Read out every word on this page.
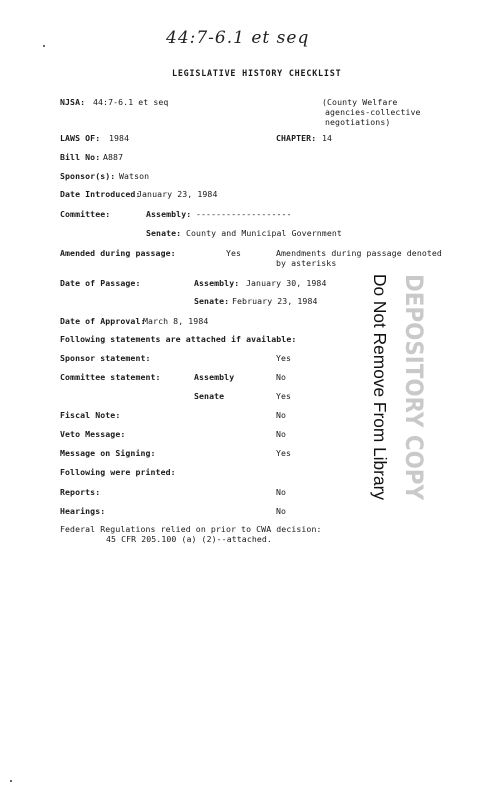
44:7-6.1 et seq
LEGISLATIVE HISTORY CHECKLIST
NJSA: 44:7-6.1 et seq	(County Welfare
agencies-collective
negotiations)
LAWS OF: 1984	CHAPTER: 14
Bill No: A887
Sponsor(s): Watson
Date Introduced:
January 23, 1984
Committee:	Assembly: -------------------
Senate: County and Municipal Government
Amended during passage:	Yes	Amendments during passage denoted
by asterisks
Date of Passage:	Assembly: January 30, 1984
Senate: February 23, 1984
Date of Approval:
March 8, 1984
Following statements are attached if available:
Sponsor statement:	Yes
Committee statement:	Assembly	No
Senate	Yes
Fiscal Note:	No
Veto Message:	No
Message on Signing:	Yes
Following were printed:
Reports:	No
Hearings:	No
Federal Regulations relied on prior to CWA decision:
45 CFR 205.100 (a) (2)--attached.
DEPOSITORY COPY
Do Not Remove From Library
